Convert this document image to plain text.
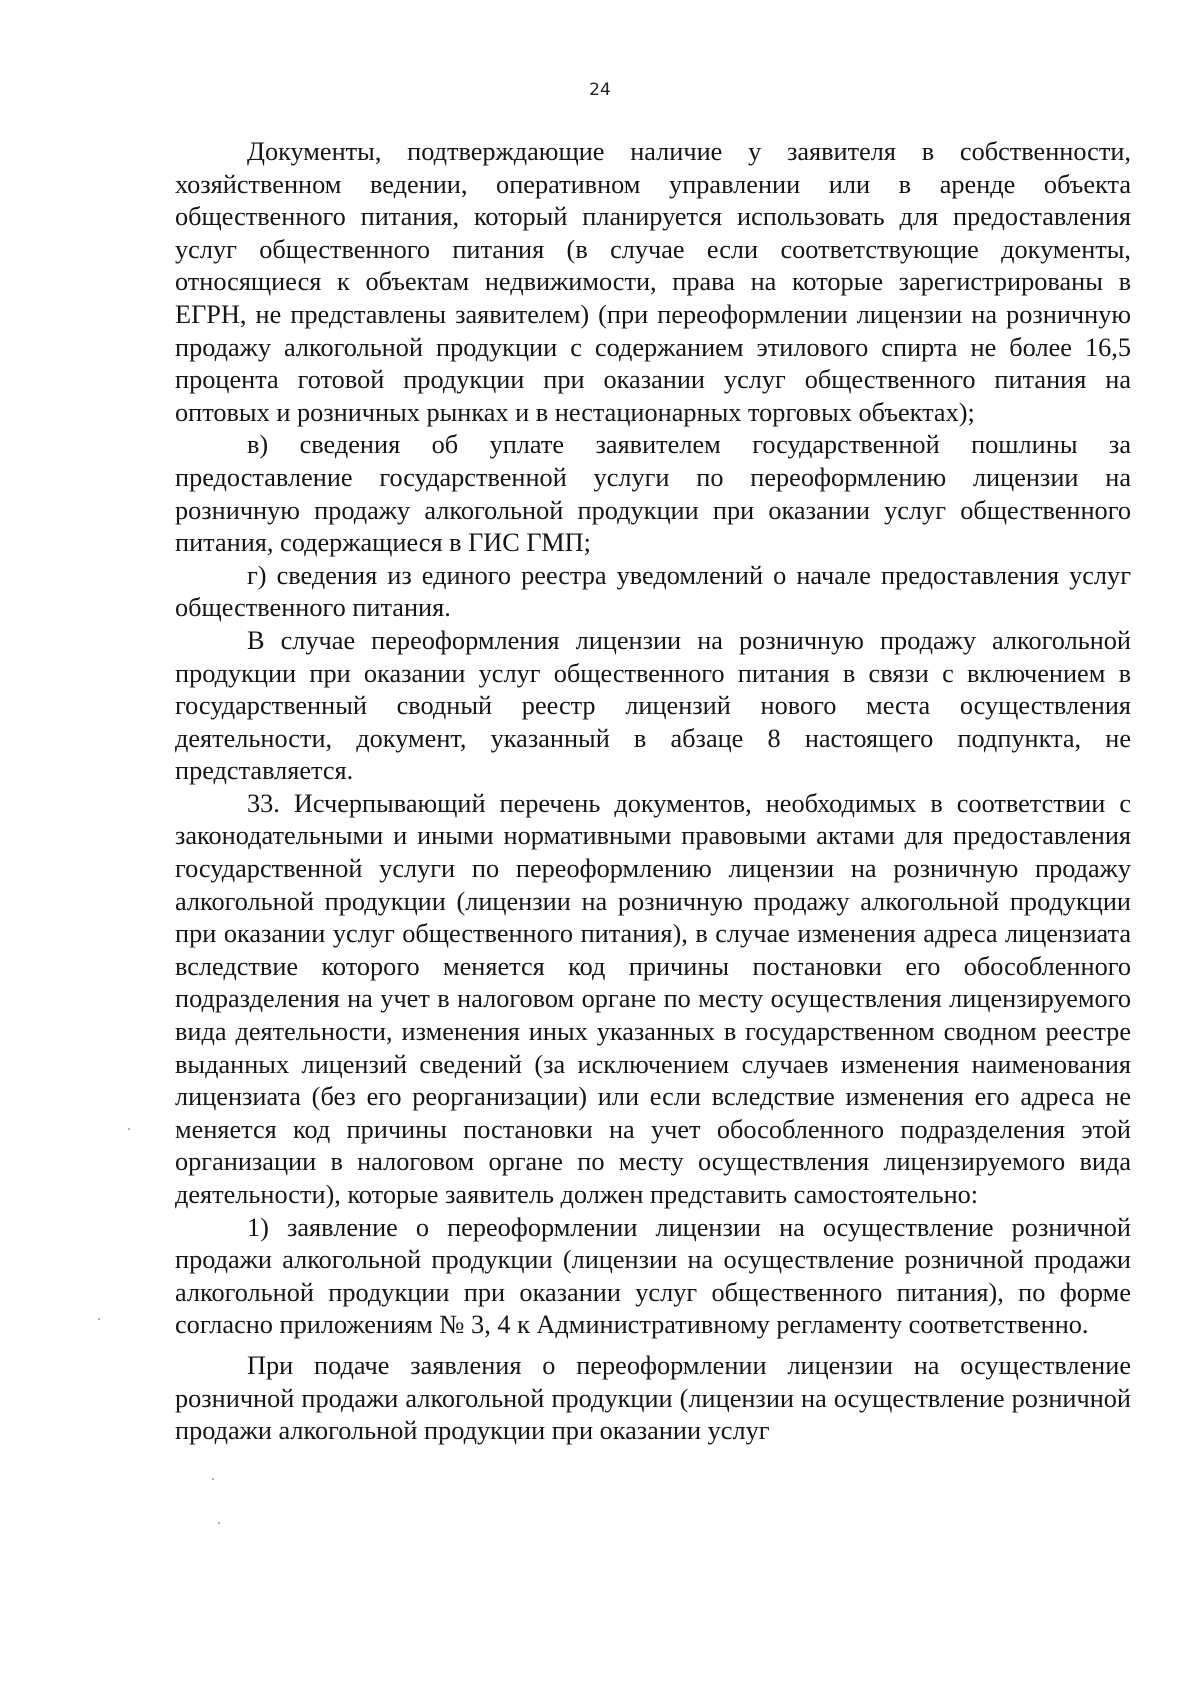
24

Документы, подтверждающие наличие у заявителя в собственности, хозяйственном ведении, оперативном управлении или в аренде объекта общественного питания, который планируется использовать для предоставления услуг общественного питания (в случае если соответствующие документы, относящиеся к объектам недвижимости, права на которые зарегистрированы в ЕГРН, не представлены заявителем) (при переоформлении лицензии на розничную продажу алкогольной продукции с содержанием этилового спирта не более 16,5 процента готовой продукции при оказании услуг общественного питания на оптовых и розничных рынках и в нестационарных торговых объектах);

в) сведения об уплате заявителем государственной пошлины за предоставление государственной услуги по переоформлению лицензии на розничную продажу алкогольной продукции при оказании услуг общественного питания, содержащиеся в ГИС ГМП;

г) сведения из единого реестра уведомлений о начале предоставления услуг общественного питания.

В случае переоформления лицензии на розничную продажу алкогольной продукции при оказании услуг общественного питания в связи с включением в государственный сводный реестр лицензий нового места осуществления деятельности, документ, указанный в абзаце 8 настоящего подпункта, не представляется.

33. Исчерпывающий перечень документов, необходимых в соответствии с законодательными и иными нормативными правовыми актами для предоставления государственной услуги по переоформлению лицензии на розничную продажу алкогольной продукции (лицензии на розничную продажу алкогольной продукции при оказании услуг общественного питания), в случае изменения адреса лицензиата вследствие которого меняется код причины постановки его обособленного подразделения на учет в налоговом органе по месту осуществления лицензируемого вида деятельности, изменения иных указанных в государственном сводном реестре выданных лицензий сведений (за исключением случаев изменения наименования лицензиата (без его реорганизации) или если вследствие изменения его адреса не меняется код причины постановки на учет обособленного подразделения этой организации в налоговом органе по месту осуществления лицензируемого вида деятельности), которые заявитель должен представить самостоятельно:

1) заявление о переоформлении лицензии на осуществление розничной продажи алкогольной продукции (лицензии на осуществление розничной продажи алкогольной продукции при оказании услуг общественного питания), по форме согласно приложениям № 3, 4 к Административному регламенту соответственно.

При подаче заявления о переоформлении лицензии на осуществление розничной продажи алкогольной продукции (лицензии на осуществление розничной продажи алкогольной продукции при оказании услуг
